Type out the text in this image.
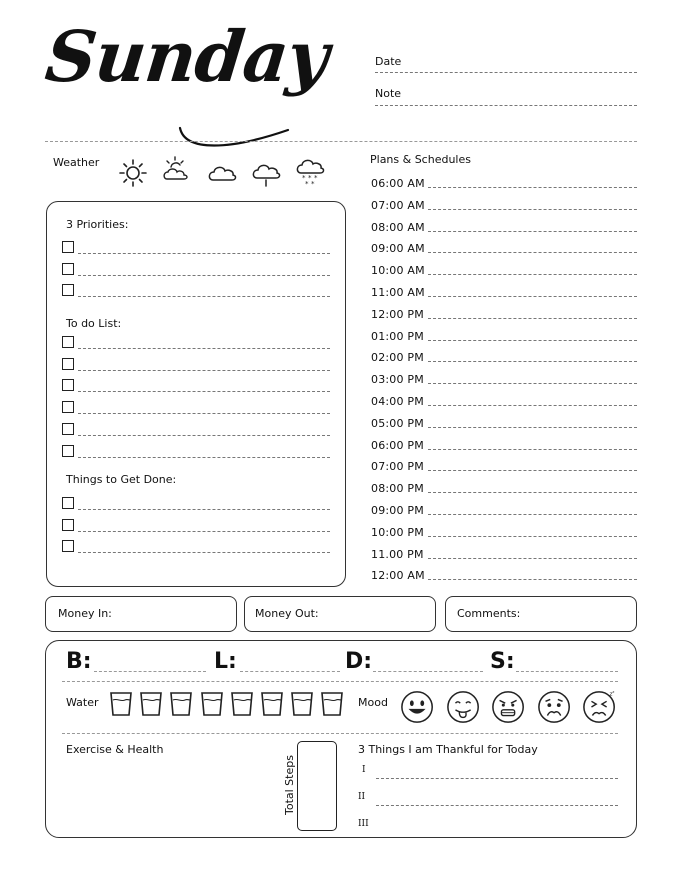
Sunday	Date
Note
Weather
* * *
* *
3 Priorities:
To do List:
Things to Get Done:
Plans & Schedules
06:00 AM
07:00 AM
08:00 AM
09:00 AM
10:00 AM
11:00 AM
12:00 PM
01:00 PM
02:00 PM
03:00 PM
04:00 PM
05:00 PM
06:00 PM
07:00 PM
08:00 PM
09:00 PM
10:00 PM
11.00 PM
12:00 AM
Money In:	Money Out:	Comments:
B:	L:	D:	S:
Water	Mood
z
z
Exercise & Health
Total Steps
3 Things I am Thankful for Today
I
II
III
